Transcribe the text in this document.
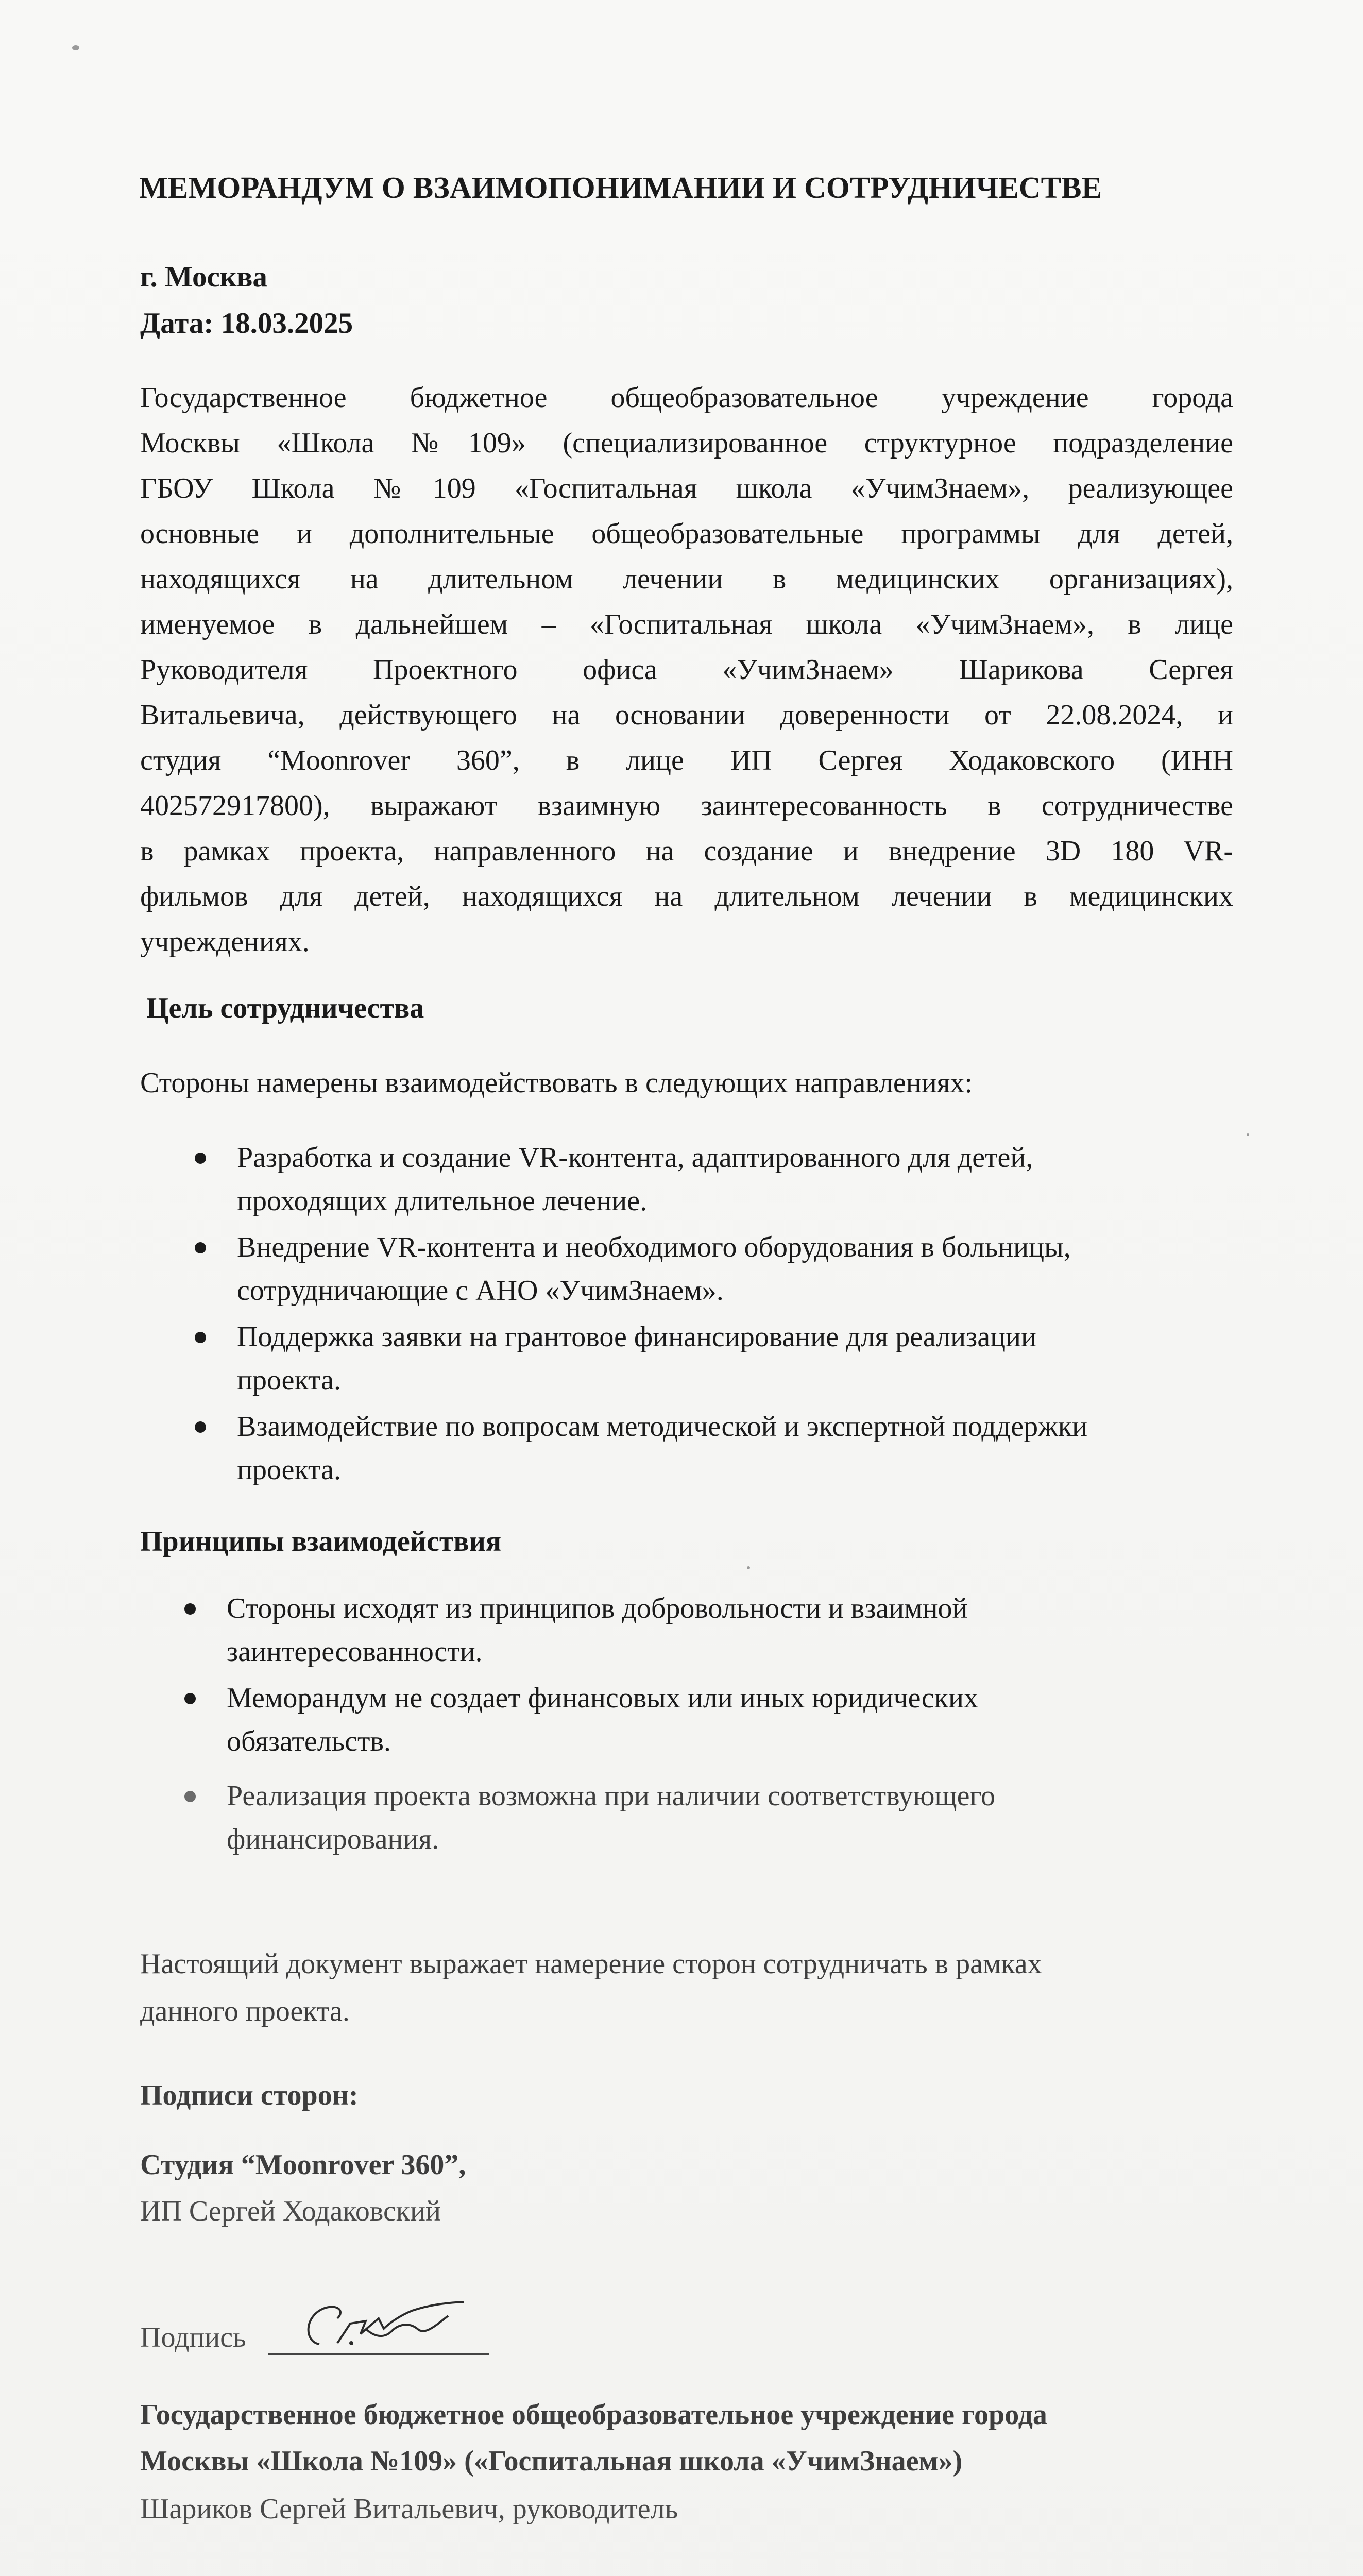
МЕМОРАНДУМ О ВЗАИМОПОНИМАНИИ И СОТРУДНИЧЕСТВЕ
г. Москва
Дата: 18.03.2025
Государственное бюджетное общеобразовательное учреждение города
Москвы «Школа №109» (специализированное структурное подразделение
ГБОУ Школа №109 «Госпитальная школа «УчимЗнаем», реализующее
основные и дополнительные общеобразовательные программы для детей,
находящихся на длительном лечении в медицинских организациях),
именуемое в дальнейшем – «Госпитальная школа «УчимЗнаем», в лице
Руководителя Проектного офиса «УчимЗнаем» Шарикова Сергея
Витальевича, действующего на основании доверенности от 22.08.2024, и
студия “Moonrover 360”, в лице ИП Сергея Ходаковского (ИНН
402572917800), выражают взаимную заинтересованность в сотрудничестве
в рамках проекта, направленного на создание и внедрение 3D 180 VR-
фильмов для детей, находящихся на длительном лечении в медицинских
учреждениях.
Цель сотрудничества
Стороны намерены взаимодействовать в следующих направлениях:
Разработка и создание VR-контента, адаптированного для детей,
проходящих длительное лечение.
Внедрение VR-контента и необходимого оборудования в больницы,
сотрудничающие с АНО «УчимЗнаем».
Поддержка заявки на грантовое финансирование для реализации
проекта.
Взаимодействие по вопросам методической и экспертной поддержки
проекта.
Принципы взаимодействия
Стороны исходят из принципов добровольности и взаимной
заинтересованности.
Меморандум не создает финансовых или иных юридических
обязательств.
Реализация проекта возможна при наличии соответствующего
финансирования.
Настоящий документ выражает намерение сторон сотрудничать в рамках
данного проекта.
Подписи сторон:
Студия “Moonrover 360”,
ИП Сергей Ходаковский
Подпись
Государственное бюджетное общеобразовательное учреждение города
Москвы «Школа №109» («Госпитальная школа «УчимЗнаем»)
Шариков Сергей Витальевич, руководитель
